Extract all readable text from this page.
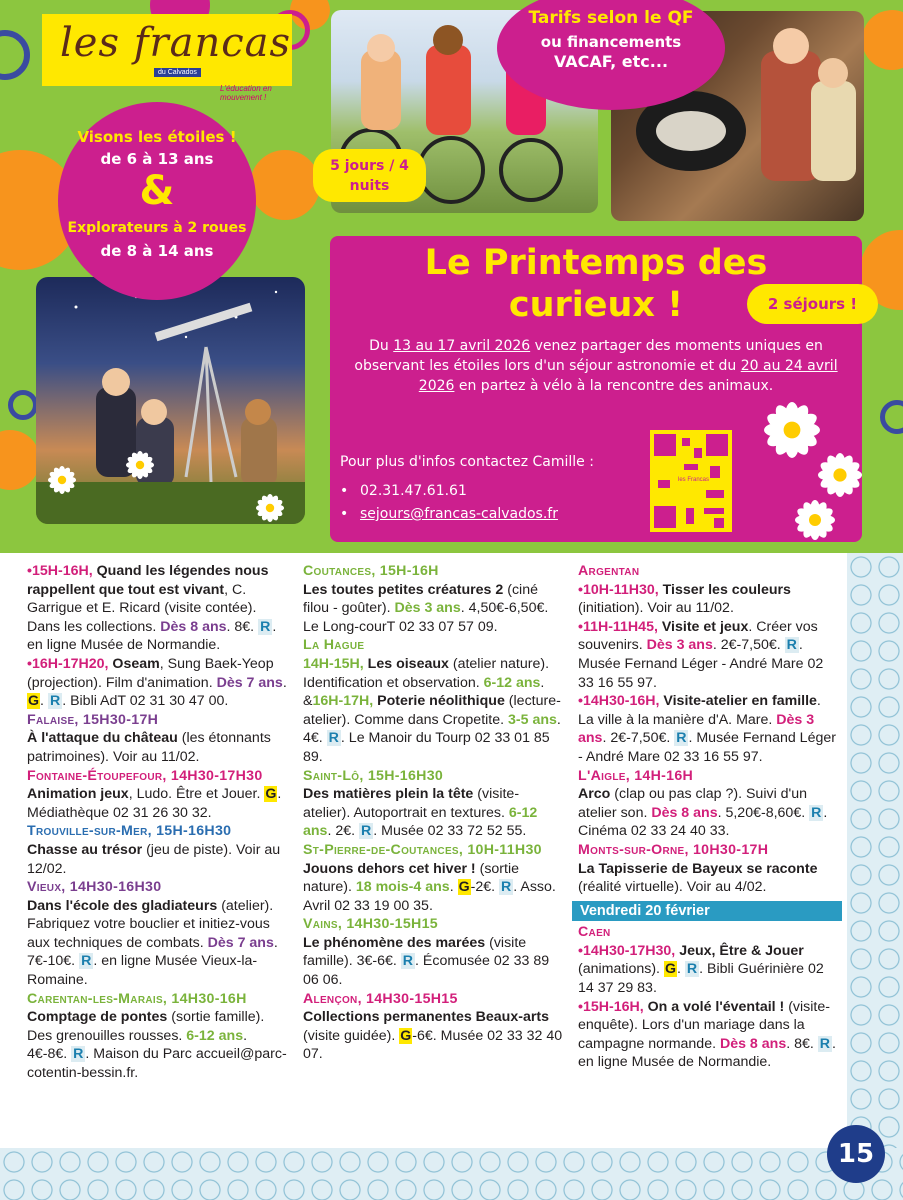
les francas
du Calvados
L'éducation en mouvement !
Visons les étoiles !
de 6 à 13 ans
&
Explorateurs à 2 roues
de 8 à 14 ans
Tarifs selon le QF
ou financements
VACAF, etc...
5 jours / 4
nuits
Le Printemps des
curieux !	2 séjours !
Du 13 au 17 avril 2026 venez partager des moments uniques en observant les étoiles lors d'un séjour astronomie et du 20 au 24 avril 2026 en partez à vélo à la rencontre des animaux.
Pour plus d'infos contactez Camille :
• 02.31.47.61.61
• sejours@francas-calvados.fr
les Francas

•15H-16H, Quand les légendes nous rappellent que tout est vivant, C. Garrigue et E. Ricard (visite contée). Dans les collections. Dès 8 ans. 8€. R . en ligne Musée de Normandie.

•16H-17H20, Oseam, Sung Baek-Yeop (projection). Film d'animation. Dès 7 ans. G. R . Bibli AdT 02 31 30 47 00.

Falaise, 15H30-17H

À l'attaque du château (les étonnants patrimoines). Voir au 11/02.

Fontaine-Étoupefour, 14H30-17H30

Animation jeux, Ludo. Être et Jouer. G. Médiathèque 02 31 26 30 32.

Trouville-sur-Mer, 15H-16H30

Chasse au trésor (jeu de piste). Voir au 12/02.

Vieux, 14H30-16H30

Dans l'école des gladiateurs (atelier). Fabriquez votre bouclier et initiez-vous aux techniques de combats. Dès 7 ans. 7€-10€. R . en ligne Musée Vieux-la-Romaine.

Carentan-les-Marais, 14H30-16H

Comptage de pontes (sortie famille). Des grenouilles rousses. 6-12 ans. 4€-8€. R . Maison du Parc accueil@parc-cotentin-bessin.fr.

Coutances, 15H-16H

Les toutes petites créatures 2 (ciné filou - goûter). Dès 3 ans. 4,50€-6,50€. Le Long-courT 02 33 07 57 09.

La Hague

14H-15H, Les oiseaux (atelier nature). Identification et observation. 6-12 ans. &16H-17H, Poterie néolithique (lecture-atelier). Comme dans Cropetite. 3-5 ans. 4€. R . Le Manoir du Tourp 02 33 01 85 89.

Saint-Lô, 15H-16H30

Des matières plein la tête (visite-atelier). Autoportrait en textures. 6-12 ans. 2€. R . Musée 02 33 72 52 55.

St-Pierre-de-Coutances, 10H-11H30

Jouons dehors cet hiver ! (sortie nature). 18 mois-4 ans. G-2€. R . Asso. Avril 02 33 19 00 35.

Vains, 14H30-15H15

Le phénomène des marées (visite famille). 3€-6€. R . Écomusée 02 33 89 06 06.

Alençon, 14H30-15H15

Collections permanentes Beaux-arts (visite guidée). G-6€. Musée 02 33 32 40 07.

Argentan

•10H-11H30, Tisser les couleurs (initiation). Voir au 11/02.

•11H-11H45, Visite et jeux. Créer vos souvenirs. Dès 3 ans. 2€-7,50€. R . Musée Fernand Léger - André Mare 02 33 16 55 97.

•14H30-16H, Visite-atelier en famille. La ville à la manière d'A. Mare. Dès 3 ans. 2€-7,50€. R . Musée Fernand Léger - André Mare 02 33 16 55 97.

L'Aigle, 14H-16H

Arco (clap ou pas clap ?). Suivi d'un atelier son. Dès 8 ans. 5,20€-8,60€. R . Cinéma 02 33 24 40 33.

Monts-sur-Orne, 10H30-17H

La Tapisserie de Bayeux se raconte (réalité virtuelle). Voir au 4/02.

Vendredi 20 février

Caen

•14H30-17H30, Jeux, Être & Jouer (animations). G. R . Bibli Guérinière 02 14 37 29 83.

•15H-16H, On a volé l'éventail ! (visite-enquête). Lors d'un mariage dans la campagne normande. Dès 8 ans. 8€. R . en ligne Musée de Normandie.

15
